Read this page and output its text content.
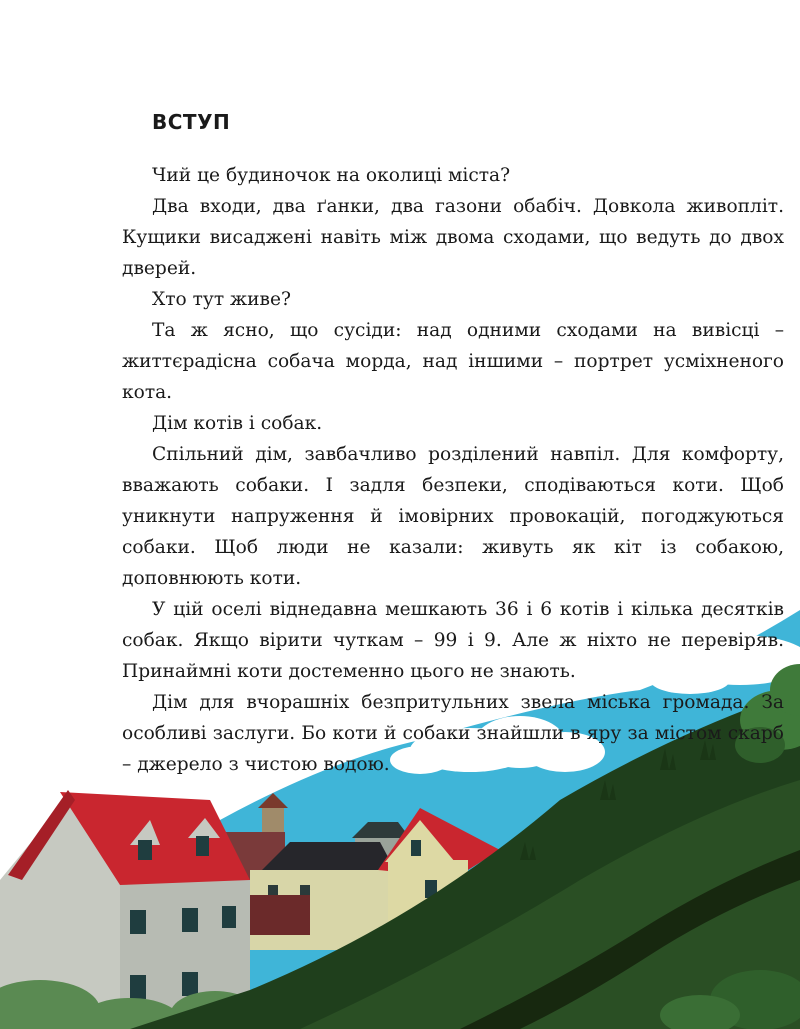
ВСТУП

Чий це будиночок на околиці міста?

Два входи, два ґанки, два газони обабіч. Довкола живопліт. Кущики висаджені навіть між двома сходами, що ведуть до двох дверей.

Хто тут живе?

Та ж ясно, що сусіди: над одними сходами на вивісці – життєрадісна собача морда, над іншими – портрет усміхненого кота.

Дім котів і собак.

Спільний дім, завбачливо розділений навпіл. Для комфорту, вважають собаки. І задля безпеки, сподіваються коти. Щоб уникнути напруження й імовірних провокацій, погоджуються собаки. Щоб люди не казали: живуть як кіт із собакою, доповнюють коти.

У цій оселі віднедавна мешкають 36 і 6 котів і кілька десятків собак. Якщо вірити чуткам – 99 і 9. Але ж ніхто не перевіряв. Принаймні коти достеменно цього не знають.

Дім для вчорашніх безпритульних звела міська громада. За особливі заслуги. Бо коти й собаки знайшли в яру за містом скарб – джерело з чистою водою.
